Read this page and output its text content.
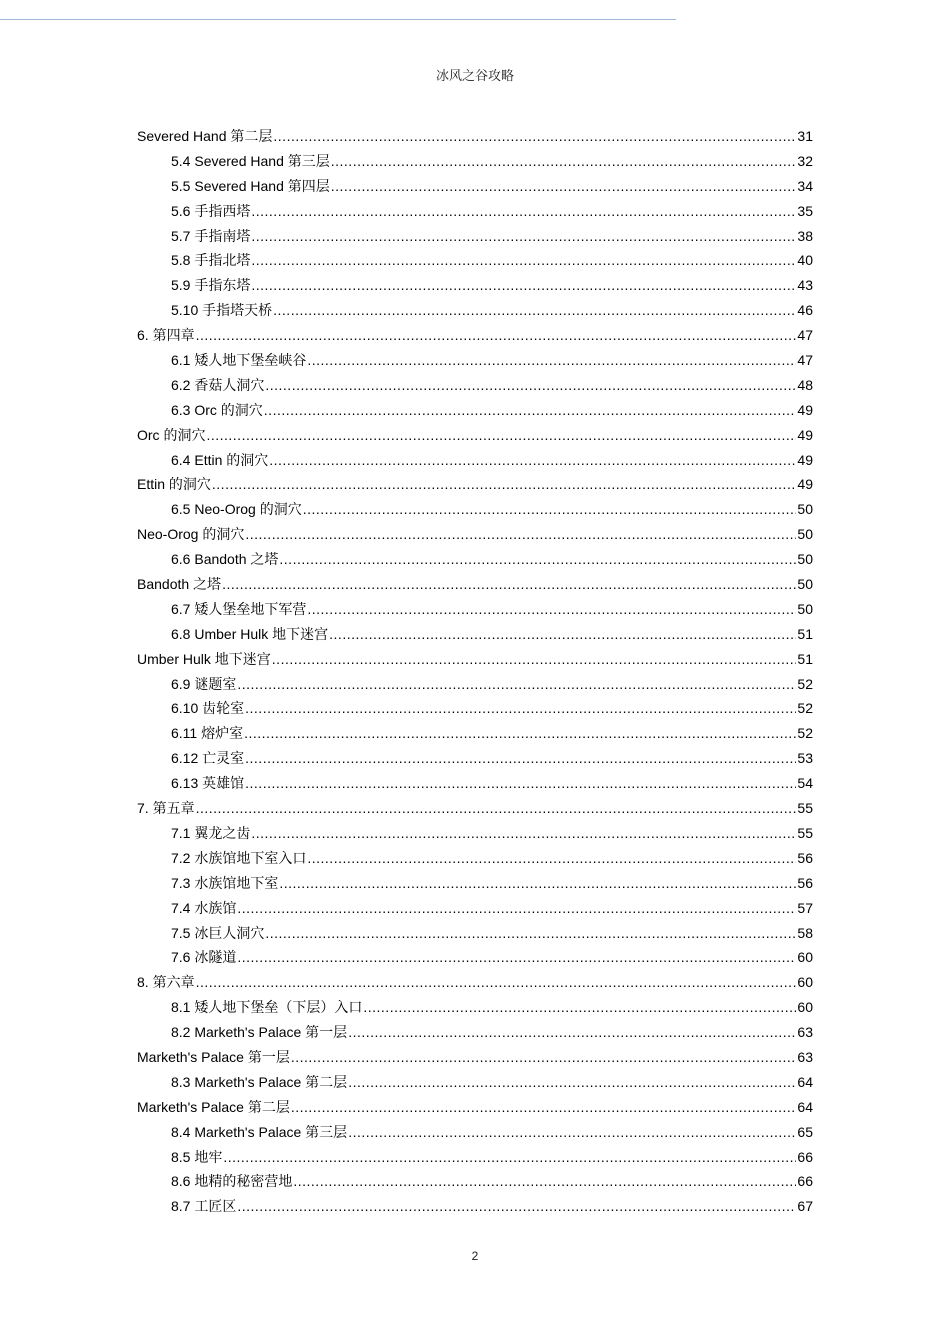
冰风之谷攻略
Severed Hand 第二层 .....	31
5.4 Severed Hand 第三层 .....	32
5.5 Severed Hand 第四层 .....	34
5.6 手指西塔 .....	35
5.7 手指南塔 .....	38
5.8 手指北塔 .....	40
5.9 手指东塔 .....	43
5.10 手指塔天桥 .....	46
6. 第四章 .....	47
6.1 矮人地下堡垒峡谷 .....	47
6.2 香菇人洞穴 .....	48
6.3 Orc 的洞穴 .....	49
Orc 的洞穴 .....	49
6.4 Ettin 的洞穴 .....	49
Ettin 的洞穴 .....	49
6.5 Neo-Orog 的洞穴 .....	50
Neo-Orog 的洞穴 .....	50
6.6 Bandoth 之塔 .....	50
Bandoth 之塔 .....	50
6.7 矮人堡垒地下军营 .....	50
6.8 Umber Hulk 地下迷宫 .....	51
Umber Hulk 地下迷宫 .....	51
6.9 谜题室 .....	52
6.10 齿轮室 .....	52
6.11 熔炉室 .....	52
6.12 亡灵室 .....	53
6.13 英雄馆 .....	54
7. 第五章 .....	55
7.1 翼龙之齿 .....	55
7.2 水族馆地下室入口 .....	56
7.3 水族馆地下室 .....	56
7.4 水族馆 .....	57
7.5 冰巨人洞穴 .....	58
7.6 冰隧道 .....	60
8. 第六章 .....	60
8.1 矮人地下堡垒（下层）入口 .....	60
8.2 Marketh's Palace 第一层 .....	63
Marketh's Palace 第一层 .....	63
8.3 Marketh's Palace 第二层 .....	64
Marketh's Palace 第二层 .....	64
8.4 Marketh's Palace 第三层 .....	65
8.5 地牢 .....	66
8.6 地精的秘密营地 .....	66
8.7 工匠区 .....	67
2
